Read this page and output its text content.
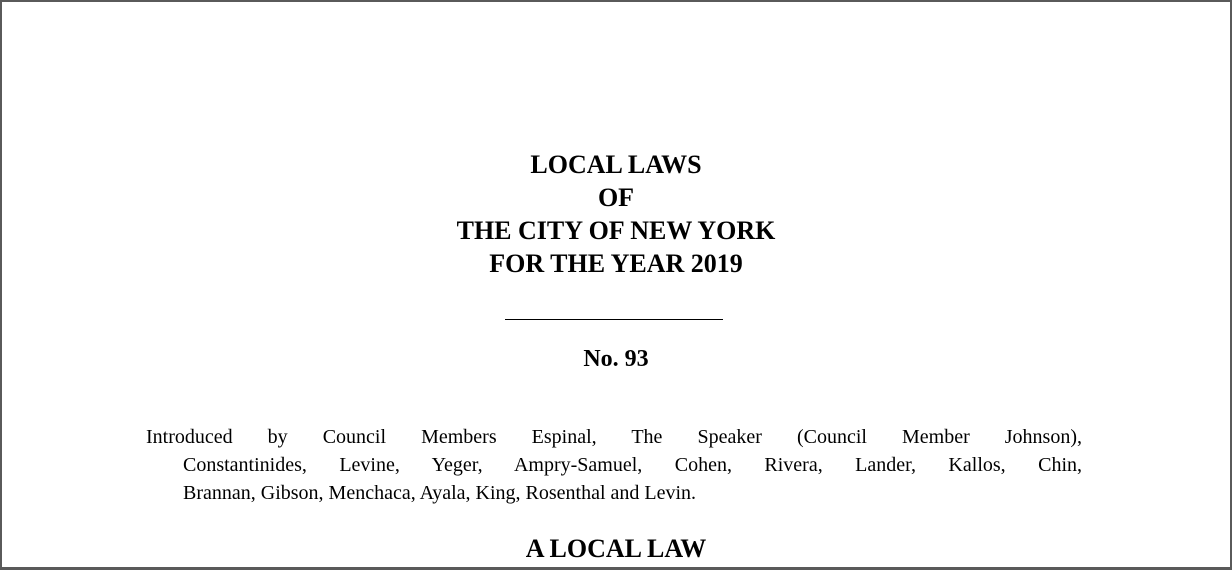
LOCAL LAWS
OF
THE CITY OF NEW YORK
FOR THE YEAR 2019
No. 93
Introduced by Council Members Espinal, The Speaker (Council Member Johnson),
Constantinides, Levine, Yeger, Ampry-Samuel, Cohen, Rivera, Lander, Kallos, Chin,
Brannan, Gibson, Menchaca, Ayala, King, Rosenthal and Levin.
A LOCAL LAW
